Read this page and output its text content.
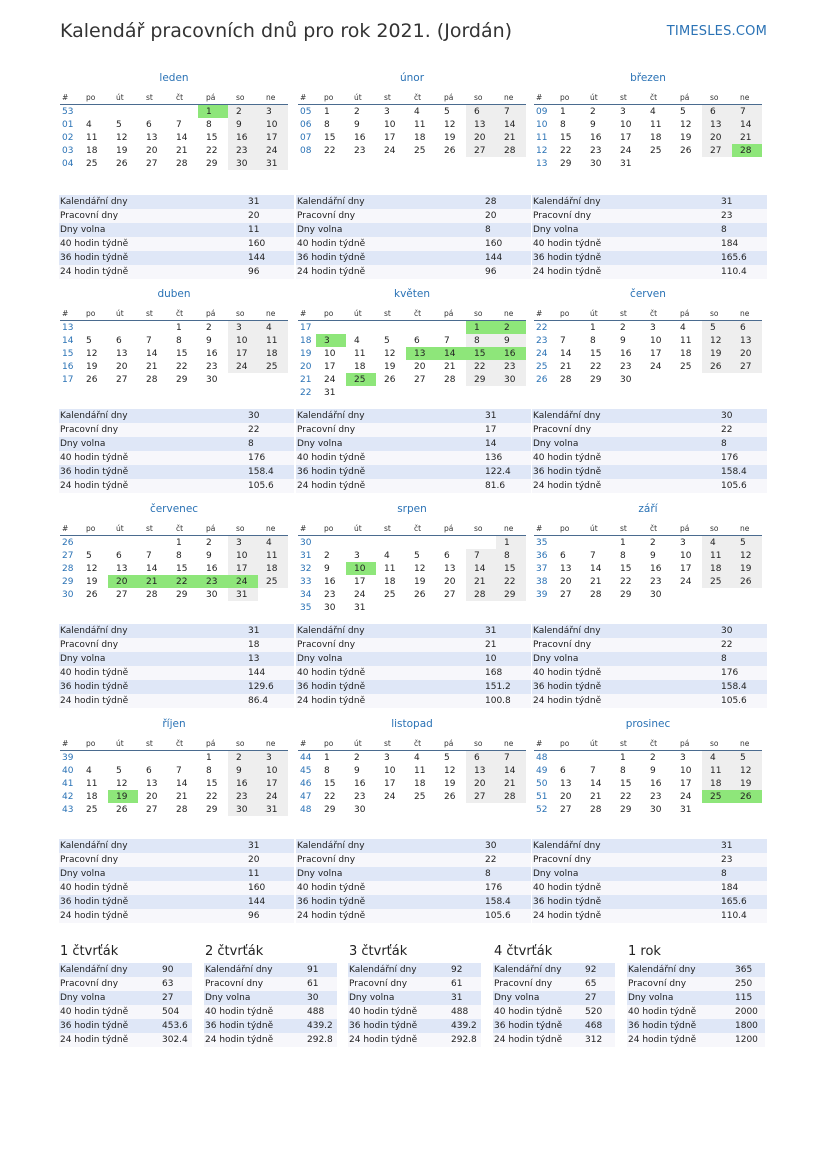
Kalendář pracovních dnů pro rok 2021. (Jordán)	TIMESLES.COM
leden
#	po	út	st	čt	pá	so	ne
53					1	2	3
01	4	5	6	7	8	9	10
02	11	12	13	14	15	16	17
03	18	19	20	21	22	23	24
04	25	26	27	28	29	30	31
Kalendářní dny	31
Pracovní dny	20
Dny volna	11
40 hodin týdně	160
36 hodin týdně	144
24 hodin týdně	96
únor
#	po	út	st	čt	pá	so	ne
05	1	2	3	4	5	6	7
06	8	9	10	11	12	13	14
07	15	16	17	18	19	20	21
08	22	23	24	25	26	27	28
Kalendářní dny	28
Pracovní dny	20
Dny volna	8
40 hodin týdně	160
36 hodin týdně	144
24 hodin týdně	96
březen
#	po	út	st	čt	pá	so	ne
09	1	2	3	4	5	6	7
10	8	9	10	11	12	13	14
11	15	16	17	18	19	20	21
12	22	23	24	25	26	27	28
13	29	30	31				
Kalendářní dny	31
Pracovní dny	23
Dny volna	8
40 hodin týdně	184
36 hodin týdně	165.6
24 hodin týdně	110.4
duben
#	po	út	st	čt	pá	so	ne
13				1	2	3	4
14	5	6	7	8	9	10	11
15	12	13	14	15	16	17	18
16	19	20	21	22	23	24	25
17	26	27	28	29	30		
Kalendářní dny	30
Pracovní dny	22
Dny volna	8
40 hodin týdně	176
36 hodin týdně	158.4
24 hodin týdně	105.6
květen
#	po	út	st	čt	pá	so	ne
17						1	2
18	3	4	5	6	7	8	9
19	10	11	12	13	14	15	16
20	17	18	19	20	21	22	23
21	24	25	26	27	28	29	30
22	31						
Kalendářní dny	31
Pracovní dny	17
Dny volna	14
40 hodin týdně	136
36 hodin týdně	122.4
24 hodin týdně	81.6
červen
#	po	út	st	čt	pá	so	ne
22		1	2	3	4	5	6
23	7	8	9	10	11	12	13
24	14	15	16	17	18	19	20
25	21	22	23	24	25	26	27
26	28	29	30				
Kalendářní dny	30
Pracovní dny	22
Dny volna	8
40 hodin týdně	176
36 hodin týdně	158.4
24 hodin týdně	105.6
červenec
#	po	út	st	čt	pá	so	ne
26				1	2	3	4
27	5	6	7	8	9	10	11
28	12	13	14	15	16	17	18
29	19	20	21	22	23	24	25
30	26	27	28	29	30	31	
Kalendářní dny	31
Pracovní dny	18
Dny volna	13
40 hodin týdně	144
36 hodin týdně	129.6
24 hodin týdně	86.4
srpen
#	po	út	st	čt	pá	so	ne
30							1
31	2	3	4	5	6	7	8
32	9	10	11	12	13	14	15
33	16	17	18	19	20	21	22
34	23	24	25	26	27	28	29
35	30	31					
Kalendářní dny	31
Pracovní dny	21
Dny volna	10
40 hodin týdně	168
36 hodin týdně	151.2
24 hodin týdně	100.8
září
#	po	út	st	čt	pá	so	ne
35			1	2	3	4	5
36	6	7	8	9	10	11	12
37	13	14	15	16	17	18	19
38	20	21	22	23	24	25	26
39	27	28	29	30			
Kalendářní dny	30
Pracovní dny	22
Dny volna	8
40 hodin týdně	176
36 hodin týdně	158.4
24 hodin týdně	105.6
říjen
#	po	út	st	čt	pá	so	ne
39					1	2	3
40	4	5	6	7	8	9	10
41	11	12	13	14	15	16	17
42	18	19	20	21	22	23	24
43	25	26	27	28	29	30	31
Kalendářní dny	31
Pracovní dny	20
Dny volna	11
40 hodin týdně	160
36 hodin týdně	144
24 hodin týdně	96
listopad
#	po	út	st	čt	pá	so	ne
44	1	2	3	4	5	6	7
45	8	9	10	11	12	13	14
46	15	16	17	18	19	20	21
47	22	23	24	25	26	27	28
48	29	30					
Kalendářní dny	30
Pracovní dny	22
Dny volna	8
40 hodin týdně	176
36 hodin týdně	158.4
24 hodin týdně	105.6
prosinec
#	po	út	st	čt	pá	so	ne
48			1	2	3	4	5
49	6	7	8	9	10	11	12
50	13	14	15	16	17	18	19
51	20	21	22	23	24	25	26
52	27	28	29	30	31		
Kalendářní dny	31
Pracovní dny	23
Dny volna	8
40 hodin týdně	184
36 hodin týdně	165.6
24 hodin týdně	110.4
1 čtvrťák
Kalendářní dny	90
Pracovní dny	63
Dny volna	27
40 hodin týdně	504
36 hodin týdně	453.6
24 hodin týdně	302.4
2 čtvrťák
Kalendářní dny	91
Pracovní dny	61
Dny volna	30
40 hodin týdně	488
36 hodin týdně	439.2
24 hodin týdně	292.8
3 čtvrťák
Kalendářní dny	92
Pracovní dny	61
Dny volna	31
40 hodin týdně	488
36 hodin týdně	439.2
24 hodin týdně	292.8
4 čtvrťák
Kalendářní dny	92
Pracovní dny	65
Dny volna	27
40 hodin týdně	520
36 hodin týdně	468
24 hodin týdně	312
1 rok
Kalendářní dny	365
Pracovní dny	250
Dny volna	115
40 hodin týdně	2000
36 hodin týdně	1800
24 hodin týdně	1200
